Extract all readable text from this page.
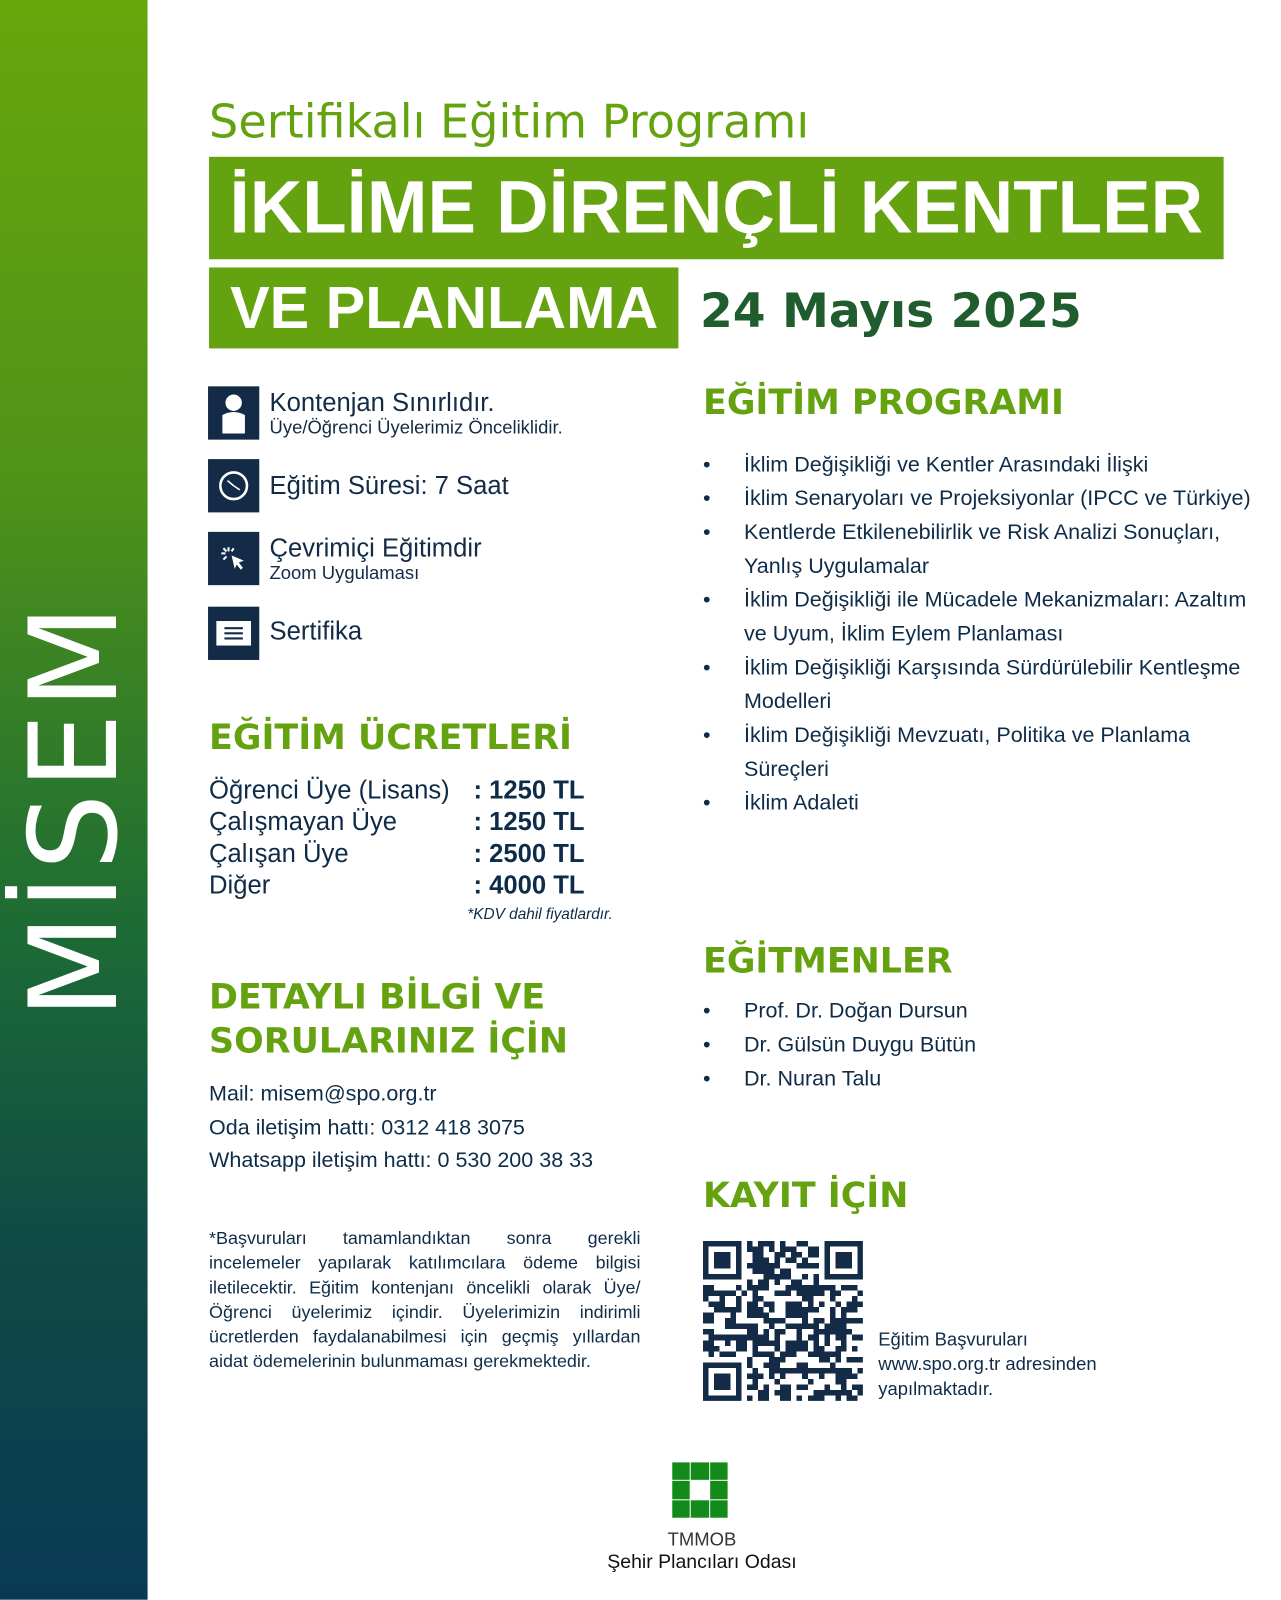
MİSEM
Sertifikalı Eğitim Programı
İKLİME DİRENÇLİ KENTLER
VE PLANLAMA 24 Mayıs 2025
Kontenjan Sınırlıdır.
Üye/Öğrenci Üyelerimiz Önceliklidir.
Eğitim Süresi: 7 Saat
Çevrimiçi Eğitimdir
Zoom Uygulaması
Sertifika
EĞİTİM ÜCRETLERİ
Öğrenci Üye (Lisans) : 1250 TL
Çalışmayan Üye	: 1250 TL
Çalışan Üye	: 2500 TL
Diğer	: 4000 TL
*KDV dahil fiyatlardır.
DETAYLI BİLGİ VE
SORULARINIZ İÇİN
Mail: misem@spo.org.tr
Oda iletişim hattı: 0312 418 3075
Whatsapp iletişim hattı: 0 530 200 38 33
*Başvuruları tamamlandıktan sonra gerekli incelemeler yapılarak katılımcılara ödeme bilgisi iletilecektir. Eğitim kontenjanı öncelikli olarak Üye/Öğrenci üyelerimiz içindir. Üyelerimizin indirimli ücretlerden faydalanabilmesi için geçmiş yıllardan aidat ödemelerinin bulunmaması gerekmektedir.
EĞİTİM PROGRAMI
• İklim Değişikliği ve Kentler Arasındaki İlişki
• İklim Senaryoları ve Projeksiyonlar (IPCC ve Türkiye)
• Kentlerde Etkilenebilirlik ve Risk Analizi Sonuçları, Yanlış Uygulamalar
• İklim Değişikliği ile Mücadele Mekanizmaları: Azaltım ve Uyum, İklim Eylem Planlaması
• İklim Değişikliği Karşısında Sürdürülebilir Kentleşme Modelleri
• İklim Değişikliği Mevzuatı, Politika ve Planlama Süreçleri
• İklim Adaleti
EĞİTMENLER
• Prof. Dr. Doğan Dursun
• Dr. Gülsün Duygu Bütün
• Dr. Nuran Talu
KAYIT İÇİN
Eğitim Başvuruları
www.spo.org.tr adresinden
yapılmaktadır.
TMMOB
Şehir Plancıları Odası
